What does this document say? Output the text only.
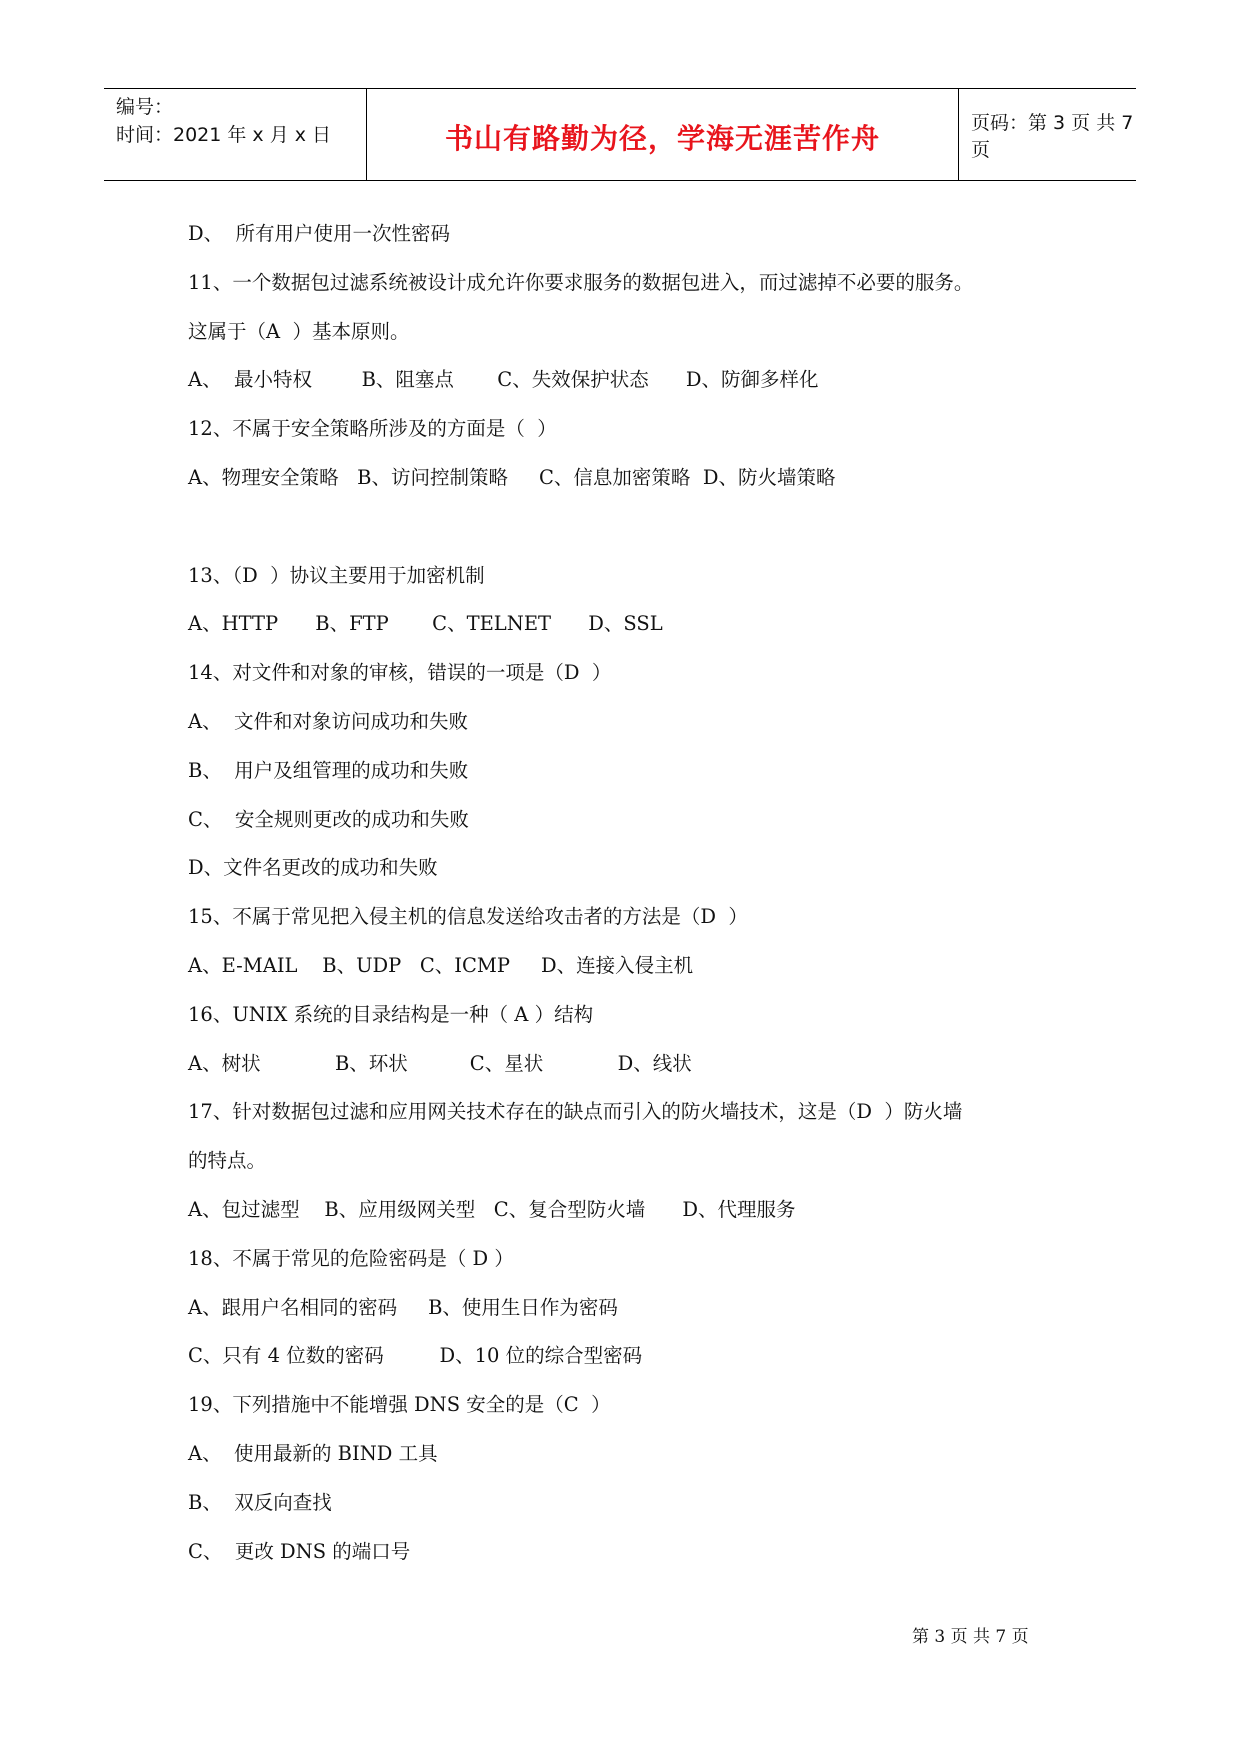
编号：
时间：2021 年 x 月 x 日	书山有路勤为径，学海无涯苦作舟	页码：第 3 页 共 7 页
D、  所有用户使用一次性密码
11、一个数据包过滤系统被设计成允许你要求服务的数据包进入，而过滤掉不必要的服务。
这属于（A  ）基本原则。
A、  最小特权        B、阻塞点       C、失效保护状态      D、防御多样化
12、不属于安全策略所涉及的方面是（  ）
A、物理安全策略   B、访问控制策略     C、信息加密策略  D、防火墙策略
13、（D  ）协议主要用于加密机制
A、HTTP      B、FTP       C、TELNET      D、SSL
14、对文件和对象的审核，错误的一项是（D  ）
A、  文件和对象访问成功和失败
B、  用户及组管理的成功和失败
C、  安全规则更改的成功和失败
D、文件名更改的成功和失败
15、不属于常见把入侵主机的信息发送给攻击者的方法是（D  ）
A、E-MAIL    B、UDP   C、ICMP     D、连接入侵主机
16、UNIX 系统的目录结构是一种（ A ）结构
A、树状            B、环状          C、星状            D、线状
17、针对数据包过滤和应用网关技术存在的缺点而引入的防火墙技术，这是（D  ）防火墙
的特点。
A、包过滤型    B、应用级网关型   C、复合型防火墙      D、代理服务
18、不属于常见的危险密码是（ D ）
A、跟用户名相同的密码     B、使用生日作为密码
C、只有 4 位数的密码         D、10 位的综合型密码
19、下列措施中不能增强 DNS 安全的是（C  ）
A、  使用最新的 BIND 工具
B、  双反向查找
C、  更改 DNS 的端口号
第 3 页 共 7 页
